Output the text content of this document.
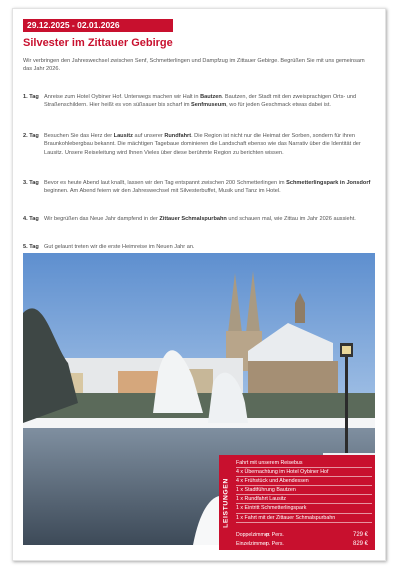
29.12.2025 - 02.01.2026
Silvester im Zittauer Gebirge

Wir verbringen den Jahreswechsel zwischen Senf, Schmetterlingen und Dampfzug im Zittauer Gebirge. Begrüßen Sie mit uns gemeinsam das Jahr 2026.

1. Tag Anreise zum Hotel Oybiner Hof. Unterwegs machen wir Halt in Bautzen. Bautzen, der Stadt mit den zweisprachigen Orts- und Straßenschildern. Hier heißt es von süßsauer bis scharf im Senfmuseum, wo für jeden Geschmack etwas dabei ist.
2. Tag Besuchen Sie das Herz der Lausitz auf unserer Rundfahrt. Die Region ist nicht nur die Heimat der Sorben, sondern für ihren Braunkohlebergbau bekannt. Die mächtigen Tagebaue dominieren die Landschaft ebenso wie das Narrativ über die Identität der Lausitz. Unsere Reiseleitung wird Ihnen Vieles über diese berühmte Region zu berichten wissen.
3. Tag Bevor es heute Abend laut knallt, lassen wir den Tag entspannt zwischen 200 Schmetterlingen im Schmetterlingspark in Jonsdorf beginnen. Am Abend feiern wir den Jahreswechsel mit Silvesterbuffet, Musik und Tanz im Hotel.
4. Tag Wir begrüßen das Neue Jahr dampfend in der Zittauer Schmalspurbahn und schauen mal, wie Zittau im Jahr 2026 aussieht.
5. Tag Gut gelaunt treten wir die erste Heimreise im Neuen Jahr an.
LEISTUNGEN
Fahrt mit unserem Reisebus
4 x Übernachtung im Hotel Oybiner Hof
4 x Frühstück und Abendessen
1 x Stadtführung Bautzen
1 x Rundfahrt Lausitz
1 x Eintritt Schmetterlingspark
1 x Fahrt mit der Zittauer Schmalspurbahn
Doppelzimmer
p. Pers.	729 €
Einzelzimmer
p. Pers.	829 €
